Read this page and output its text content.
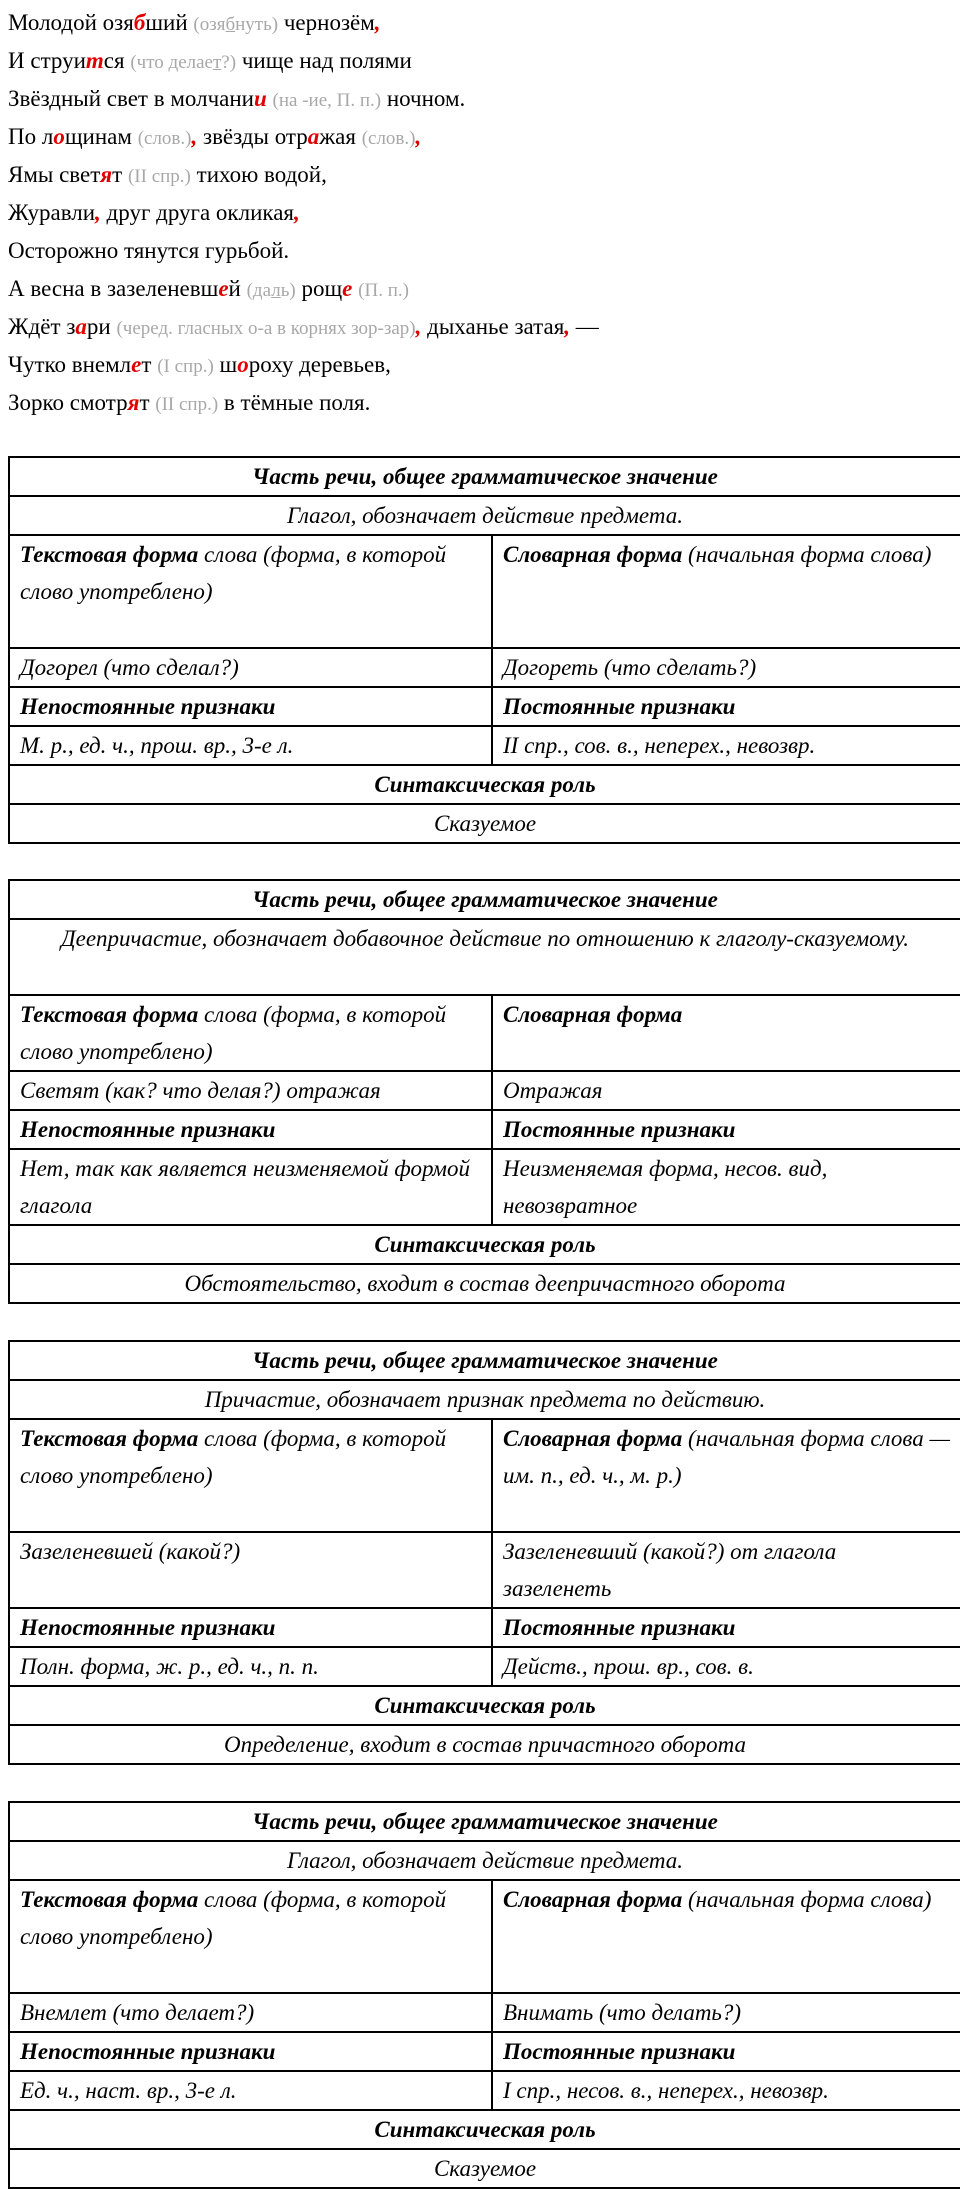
Молодой озябший (озябнуть) чернозём,
И струится (что делает?) чище над полями
Звёздный свет в молчании (на -ие, П. п.) ночном.
По лощинам (слов.), звёзды отражая (слов.),
Ямы светят (II спр.) тихою водой,
Журавли, друг друга окликая,
Осторожно тянутся гурьбой.
А весна в зазеленевшей (даль) роще (П. п.)
Ждёт зари (черед. гласных о-а в корнях зор-зар), дыханье затая, —
Чутко внемлет (I спр.) шороху деревьев,
Зорко смотрят (II спр.) в тёмные поля.
Часть речи, общее грамматическое значение	
Глагол, обозначает действие предмета.	
Текстовая форма слова (форма, в которой слово употреблено)	Словарная форма (начальная форма слова)
Догорел (что сделал?)	Догореть (что сделать?)
Непостоянные признаки	Постоянные признаки
М. р., ед. ч., прош. вр., 3-е л.	II спр., сов. в., неперех., невозвр.
Синтаксическая роль	
Сказуемое	
Часть речи, общее грамматическое значение	
Деепричастие, обозначает добавочное действие по отношению к глаголу-сказуемому.	
Текстовая форма слова (форма, в которой слово употреблено)	Словарная форма
Светят (как? что делая?) отражая	Отражая
Непостоянные признаки	Постоянные признаки
Нет, так как является неизменяемой формой глагола	Неизменяемая форма, несов. вид, невозвратное
Синтаксическая роль	
Обстоятельство, входит в состав деепричастного оборота	
Часть речи, общее грамматическое значение	
Причастие, обозначает признак предмета по действию.	
Текстовая форма слова (форма, в которой слово употреблено)	Словарная форма (начальная форма слова — им. п., ед. ч., м. р.)
Зазеленевшей (какой?)	Зазеленевший (какой?) от глагола зазеленеть
Непостоянные признаки	Постоянные признаки
Полн. форма, ж. р., ед. ч., п. п.	Действ., прош. вр., сов. в.
Синтаксическая роль	
Определение, входит в состав причастного оборота	
Часть речи, общее грамматическое значение	
Глагол, обозначает действие предмета.	
Текстовая форма слова (форма, в которой слово употреблено)	Словарная форма (начальная форма слова)
Внемлет (что делает?)	Внимать (что делать?)
Непостоянные признаки	Постоянные признаки
Ед. ч., наст. вр., 3-е л.	I спр., несов. в., неперех., невозвр.
Синтаксическая роль	
Сказуемое	
